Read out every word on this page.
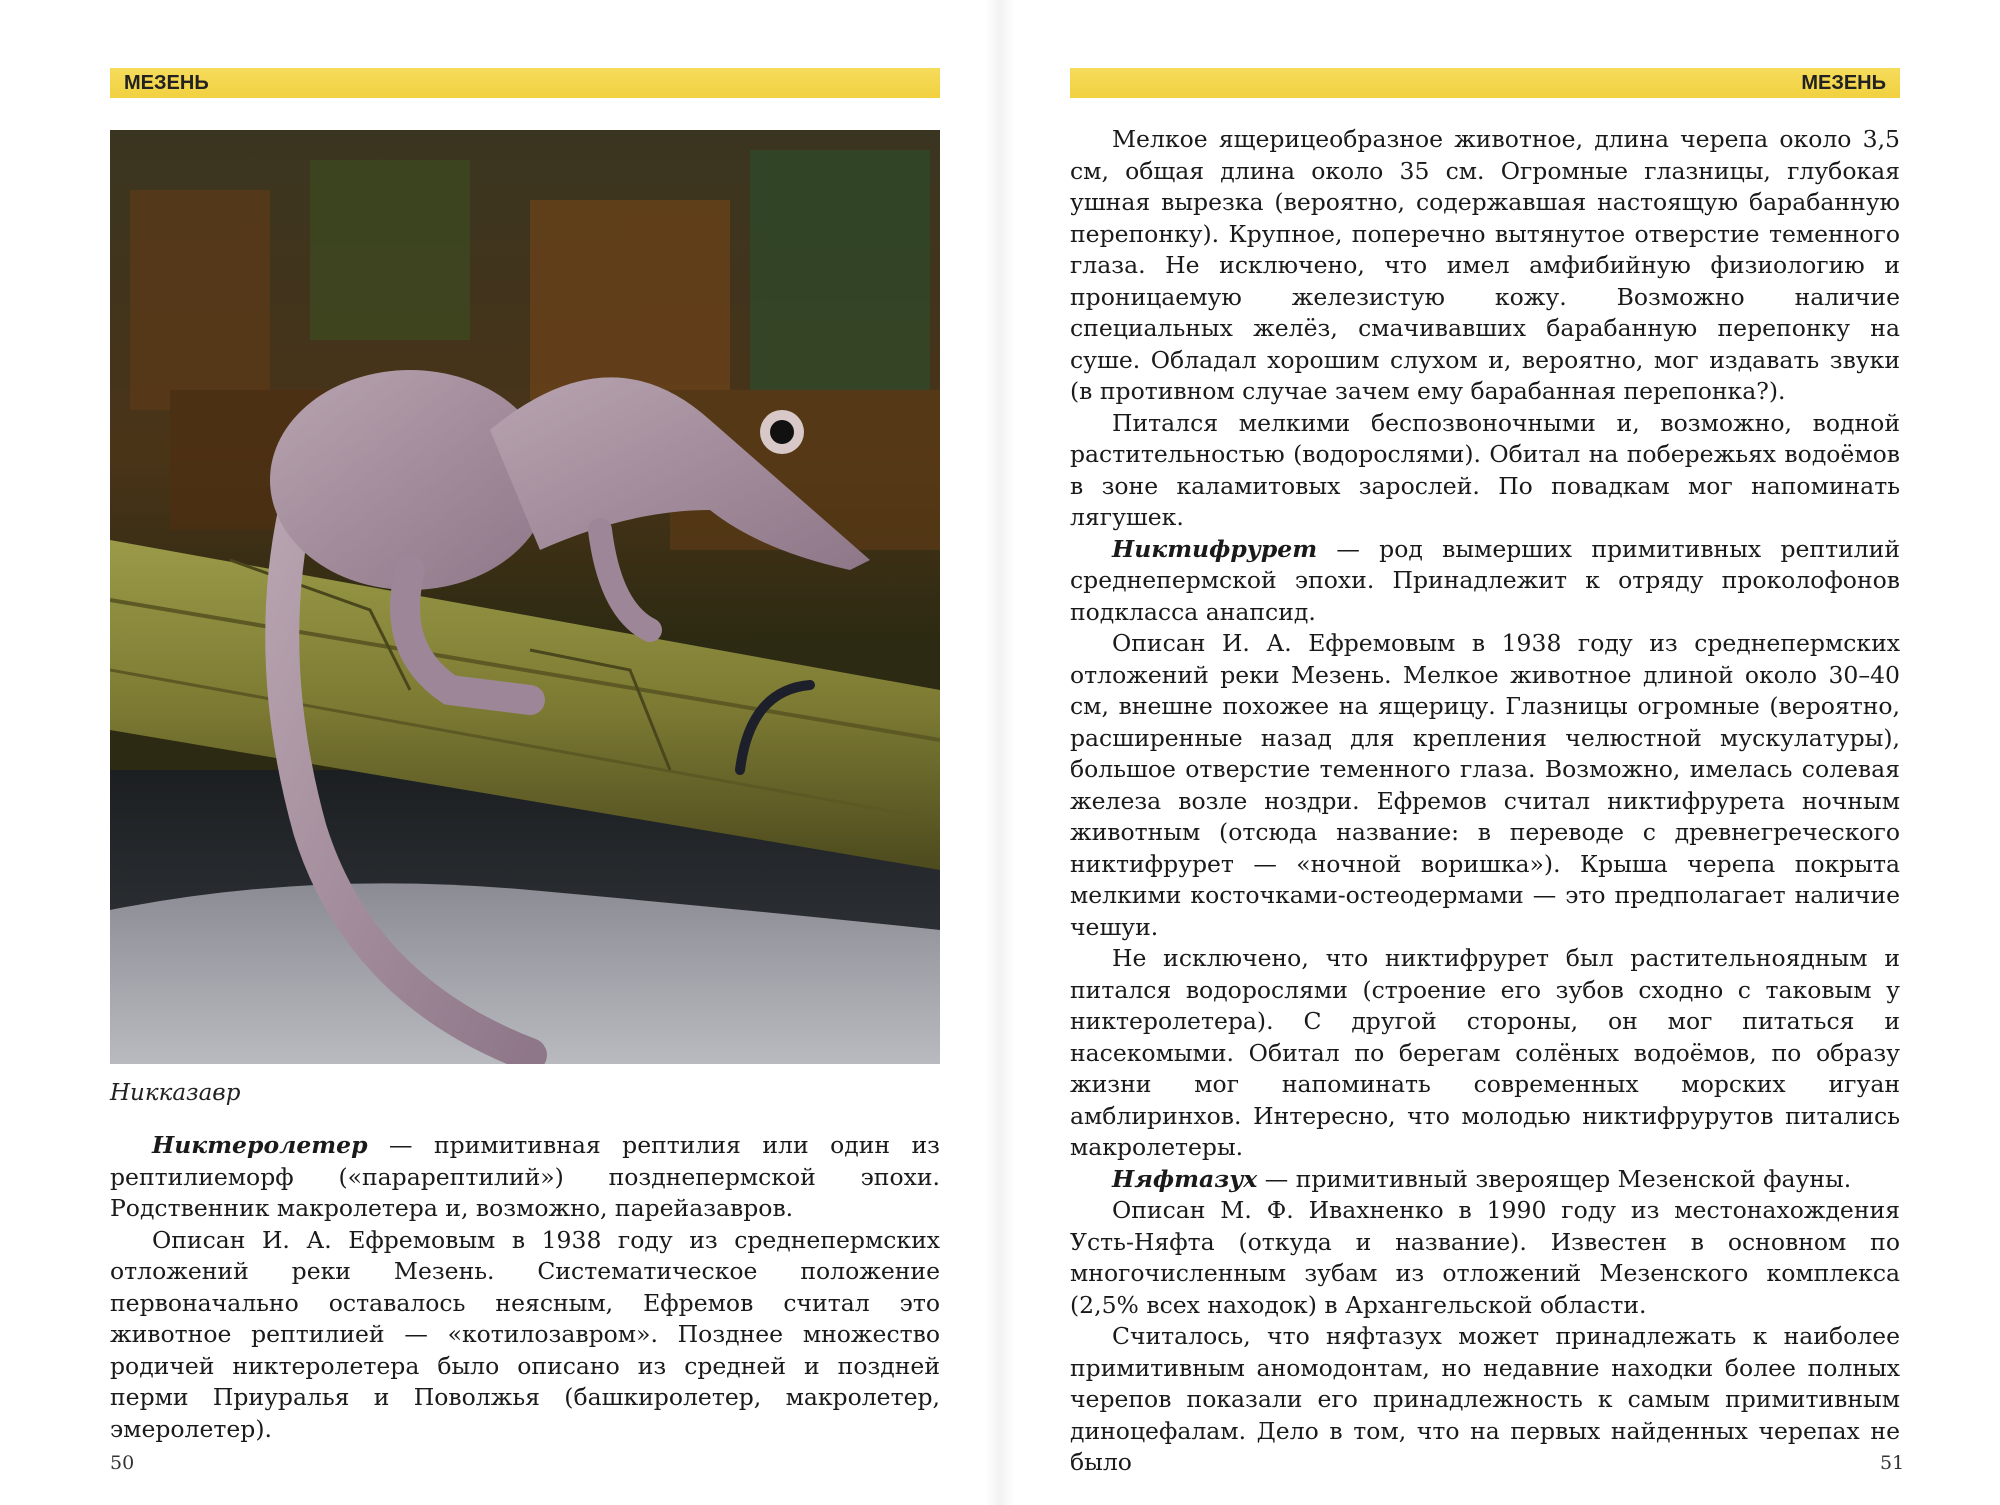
МЕЗЕНЬ
Никказавр

Никтеролетер — примитивная рептилия или один из рептилиеморф («парарептилий») позднепермской эпохи. Родственник макролетера и, возможно, парейазавров.

Описан И. А. Ефремовым в 1938 году из среднепермских отложений реки Мезень. Систематическое положение первоначально оставалось неясным, Ефремов считал это животное рептилией — «котилозавром». Позднее множество родичей никтеролетера было описано из средней и поздней перми Приуралья и Поволжья (башкиролетер, макролетер, эмеролетер).

50
МЕЗЕНЬ

Мелкое ящерицеобразное животное, длина черепа около 3,5 см, общая длина около 35 см. Огромные глазницы, глубокая ушная вырезка (вероятно, содержавшая настоящую барабанную перепонку). Крупное, поперечно вытянутое отверстие теменного глаза. Не исключено, что имел амфибийную физиологию и проницаемую железистую кожу. Возможно наличие специальных желёз, смачивавших барабанную перепонку на суше. Обладал хорошим слухом и, вероятно, мог издавать звуки (в противном случае зачем ему барабанная перепонка?).

Питался мелкими беспозвоночными и, возможно, водной растительностью (водорослями). Обитал на побережьях водоёмов в зоне каламитовых зарослей. По повадкам мог напоминать лягушек.

Никтифрурет — род вымерших примитивных рептилий среднепермской эпохи. Принадлежит к отряду проколофонов подкласса анапсид.

Описан И. А. Ефремовым в 1938 году из среднепермских отложений реки Мезень. Мелкое животное длиной около 30–40 см, внешне похожее на ящерицу. Глазницы огромные (вероятно, расширенные назад для крепления челюстной мускулатуры), большое отверстие теменного глаза. Возможно, имелась солевая железа возле ноздри. Ефремов считал никтифрурета ночным животным (отсюда название: в переводе с древнегреческого никтифрурет — «ночной воришка»). Крыша черепа покрыта мелкими косточками-остеодермами — это предполагает наличие чешуи.

Не исключено, что никтифрурет был растительноядным и питался водорослями (строение его зубов сходно с таковым у никтеролетера). С другой стороны, он мог питаться и насекомыми. Обитал по берегам солёных водоёмов, по образу жизни мог напоминать современных морских игуан амблиринхов. Интересно, что молодью никтифрурутов питались макролетеры.

Няфтазух — примитивный звероящер Мезенской фауны.

Описан М. Ф. Ивахненко в 1990 году из местонахождения Усть-Няфта (откуда и название). Известен в основном по многочисленным зубам из отложений Мезенского комплекса (2,5% всех находок) в Архангельской области.

Считалось, что няфтазух может принадлежать к наиболее примитивным аномодонтам, но недавние находки более полных черепов показали его принадлежность к самым примитивным диноцефалам. Дело в том, что на первых найденных черепах не было	51
